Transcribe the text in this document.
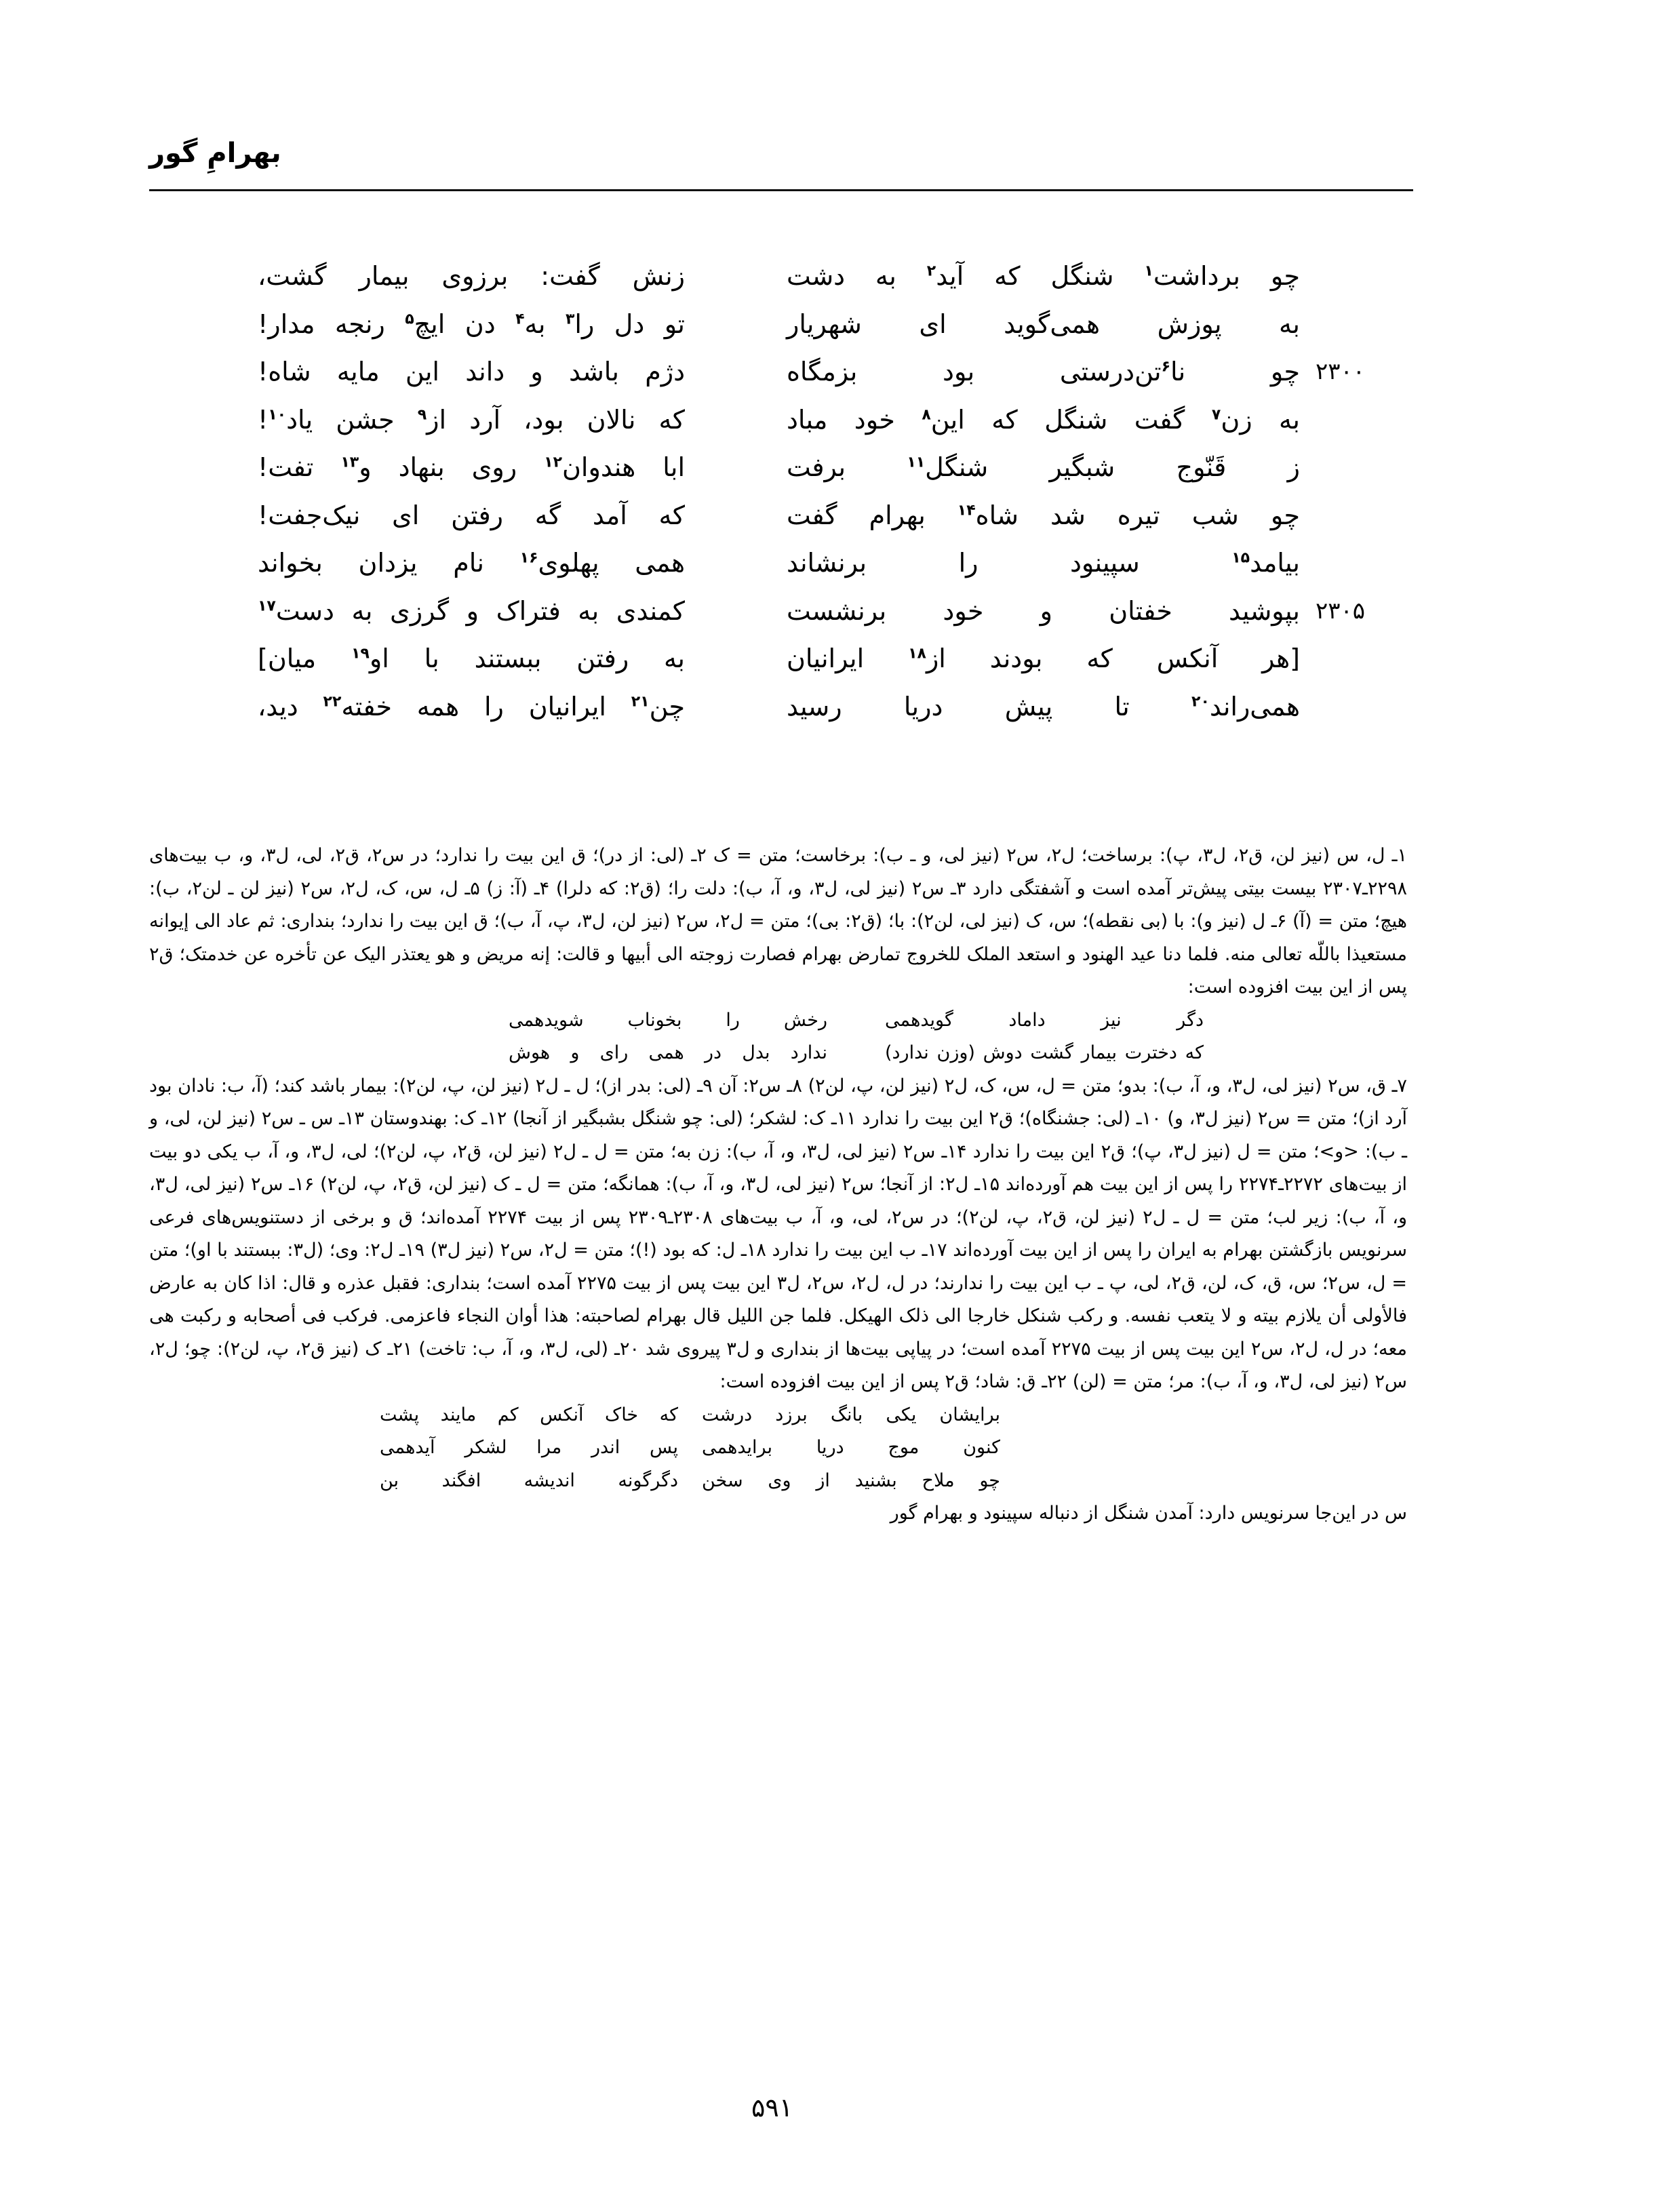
بهرامِ گور
چو برداشت$^۱$ شنگل که آید$^۲$ به دشت
زنش گفت: برزوی بیمار گشت،
به پوزش همی‌گوید ای شهریار
تو دل را$^۳$ به$^۴$ دن ایچ$^۵$ رنجه مدار!
چو نا$^۶$تن‌درستی بود بزمگاه
دژم باشد و داند این مایه شاه!	۲۳۰۰
به زن$^۷$ گفت شنگل که این$^۸$ خود مباد
که نالان بود، آرد از$^۹$ جشن یاد$^{۱۰}$!
ز قَنّوج شبگیر شنگل$^{۱۱}$ برفت
ابا هندوان$^{۱۲}$ روی بنهاد و$^{۱۳}$ تفت!
چو شب تیره شد شاه$^{۱۴}$ بهرام گفت
که آمد گه رفتن ای نیک‌جفت!
بیامد$^{۱۵}$ سپینود را برنشاند
همی پهلوی$^{۱۶}$ نام یزدان بخواند
بپوشید خفتان و خود برنشست
کمندی به فتراک و گرزی به دست$^{۱۷}$	۲۳۰۵
[هر آنکس که بودند از$^{۱۸}$ ایرانیان
به رفتن ببستند با او$^{۱۹}$ میان]
همی‌راند$^{۲۰}$ تا پیش دریا رسید
چن$^{۲۱}$ ایرانیان را همه خفته$^{۲۲}$ دید،

۱ـ ل، س (نیز لن، ق۲، ل۳، پ): برساخت؛ ل۲، س۲ (نیز لی، و ـ ب): برخاست؛ متن = ک ۲ـ (لی: از در)؛ ق این بیت را ندارد؛ در س۲، ق۲، لی، ل۳، و، ب بیت‌های ۲۲۹۸ـ۲۳۰۷ بیست بیتی پیش‌تر آمده است و آشفتگی دارد ۳ـ س۲ (نیز لی، ل۳، و، آ، ب): دلت را؛ (ق۲: که دلرا) ۴ـ (آ: ز) ۵ـ ل، س، ک، ل۲، س۲ (نیز لن ـ لن۲، ب): هیچ؛ متن = (آ) ۶ـ ل (نیز و): با (بی نقطه)؛ س، ک (نیز لی، لن۲): با؛ (ق۲: بی)؛ متن = ل۲، س۲ (نیز لن، ل۳، پ، آ، ب)؛ ق این بیت را ندارد؛ بنداری: ثم عاد الی إیوانه مستعیذا باللّه تعالی منه. فلما دنا عید الهنود و استعد الملک للخروج تمارض بهرام فصارت زوجته الی أبیها و قالت: إنه مریض و هو یعتذر الیک عن تأخره عن خدمتک؛ ق۲ پس از این بیت افزوده است:

دگر نیز داماد گویدهمی
رخش را بخوناب شویدهمی
که دخترت بیمار گشت دوش (وزن ندارد)
ندارد بدل در همی رای و هوش

۷ـ ق، س۲ (نیز لی، ل۳، و، آ، ب): بدو؛ متن = ل، س، ک، ل۲ (نیز لن، پ، لن۲) ۸ـ س۲: آن ۹ـ (لی: بدر از)؛ ل ـ ل۲ (نیز لن، پ، لن۲): بیمار باشد کند؛ (آ، ب: نادان بود آرد از)؛ متن = س۲ (نیز ل۳، و) ۱۰ـ (لی: جشنگاه)؛ ق۲ این بیت را ندارد ۱۱ـ ک: لشکر؛ (لی: چو شنگل بشبگیر از آنجا) ۱۲ـ ک: بهندوستان ۱۳ـ س ـ س۲ (نیز لن، لی، و ـ ب): <و>؛ متن = ل (نیز ل۳، پ)؛ ق۲ این بیت را ندارد ۱۴ـ س۲ (نیز لی، ل۳، و، آ، ب): زن به؛ متن = ل ـ ل۲ (نیز لن، ق۲، پ، لن۲)؛ لی، ل۳، و، آ، ب یکی دو بیت از بیت‌های ۲۲۷۲ـ۲۲۷۴ را پس از این بیت هم آورده‌اند ۱۵ـ ل۲: از آنجا؛ س۲ (نیز لی، ل۳، و، آ، ب): همانگه؛ متن = ل ـ ک (نیز لن، ق۲، پ، لن۲) ۱۶ـ س۲ (نیز لی، ل۳، و، آ، ب): زیر لب؛ متن = ل ـ ل۲ (نیز لن، ق۲، پ، لن۲)؛ در س۲، لی، و، آ، ب بیت‌های ۲۳۰۸ـ۲۳۰۹ پس از بیت ۲۲۷۴ آمده‌اند؛ ق و برخی از دستنویس‌های فرعی سرنویس بازگشتن بهرام به ایران را پس از این بیت آورده‌اند ۱۷ـ ب این بیت را ندارد ۱۸ـ ل: که بود (!)؛ متن = ل۲، س۲ (نیز ل۳) ۱۹ـ ل۲: وی؛ (ل۳: ببستند با او)؛ متن = ل، س۲؛ س، ق، ک، لن، ق۲، لی، پ ـ ب این بیت را ندارند؛ در ل، ل۲، س۲، ل۳ این بیت پس از بیت ۲۲۷۵ آمده است؛ بنداری: فقبل عذره و قال: اذا کان به عارض فالأولی أن یلازم بیته و لا یتعب نفسه. و رکب شنکل خارجا الی ذلک الهیکل. فلما جن اللیل قال بهرام لصاحبته: هذا أوان النجاء فاعزمی. فرکب فی أصحابه و رکبت هی معه؛ در ل، ل۲، س۲ این بیت پس از بیت ۲۲۷۵ آمده است؛ در پیاپی بیت‌ها از بنداری و ل۳ پیروی شد ۲۰ـ (لی، ل۳، و، آ، ب: تاخت) ۲۱ـ ک (نیز ق۲، پ، لن۲): چو؛ ل۲، س۲ (نیز لی، ل۳، و، آ، ب): مر؛ متن = (لن) ۲۲ـ ق: شاد؛ ق۲ پس از این بیت افزوده است:

برایشان یکی بانگ برزد درشت
که خاک آنکس کم مایند پشت
کنون موج دریا برایدهمی
پس اندر مرا لشکر آیدهمی
چو ملاح بشنید از وی سخن
دگرگونه اندیشه افگند بن

س در این‌جا سرنویس دارد: آمدن شنگل از دنباله سپینود و بهرام گور

۵۹۱
